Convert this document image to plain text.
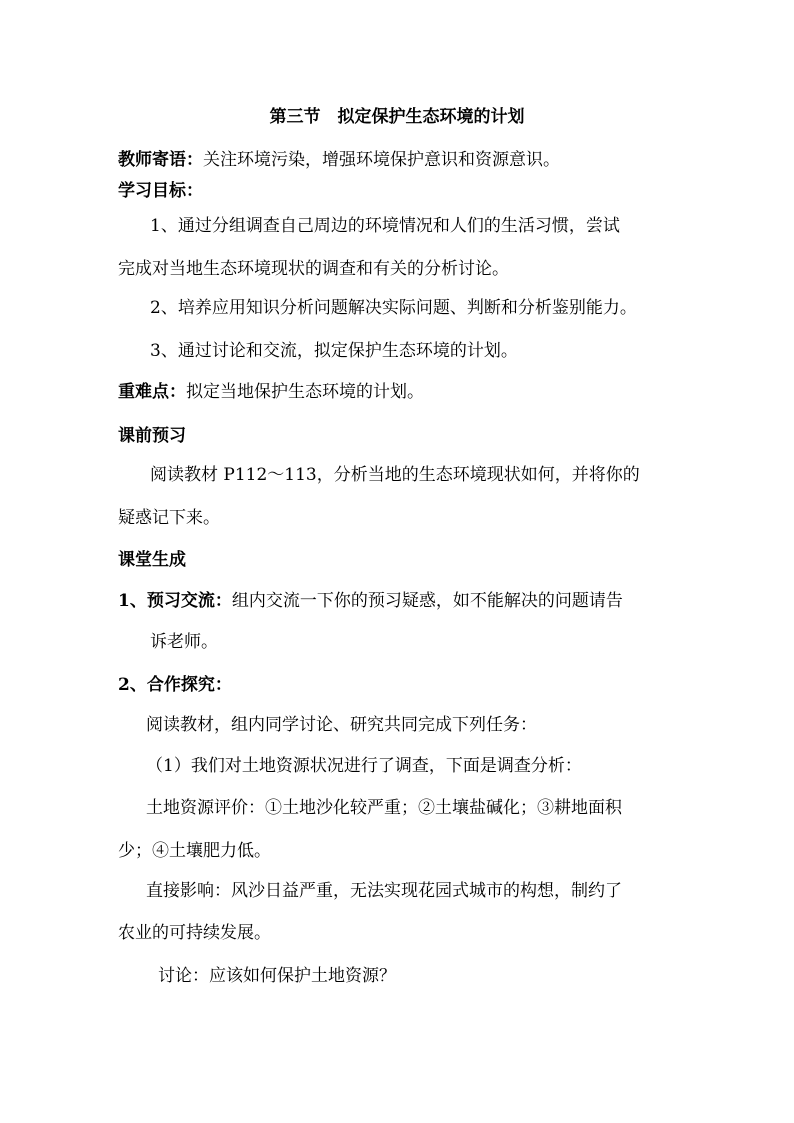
第三节　拟定保护生态环境的计划
教师寄语：关注环境污染，增强环境保护意识和资源意识。
学习目标：
1、通过分组调查自己周边的环境情况和人们的生活习惯，尝试
完成对当地生态环境现状的调查和有关的分析讨论。
2、培养应用知识分析问题解决实际问题、判断和分析鉴别能力。
3、通过讨论和交流，拟定保护生态环境的计划。
重难点：拟定当地保护生态环境的计划。
课前预习
阅读教材 P112～113，分析当地的生态环境现状如何，并将你的
疑惑记下来。
课堂生成
1、预习交流：组内交流一下你的预习疑惑，如不能解决的问题请告
诉老师。
2、合作探究：
阅读教材，组内同学讨论、研究共同完成下列任务：
（1）我们对土地资源状况进行了调查，下面是调查分析：
土地资源评价：①土地沙化较严重；②土壤盐碱化；③耕地面积
少；④土壤肥力低。
直接影响：风沙日益严重，无法实现花园式城市的构想，制约了
农业的可持续发展。
讨论：应该如何保护土地资源？
